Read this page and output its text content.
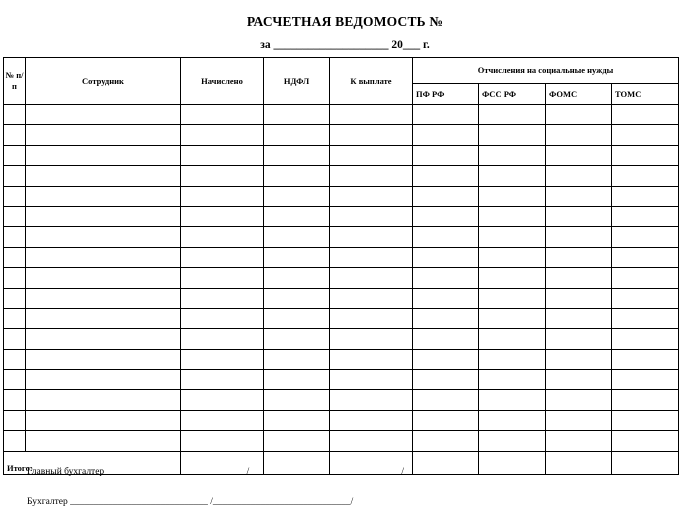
РАСЧЕТНАЯ ВЕДОМОСТЬ №
за ____________________ 20___ г.
№ п/п	Сотрудник	Начислено	НДФЛ	К выплате	Отчисления на социальные нужды			
					ПФ РФ	ФСС РФ	ФОМС	ТОМС

Итого:								
Главный бухгалтер _____________________________ /________________________________/
Бухгалтер _____________________________ /_____________________________/
